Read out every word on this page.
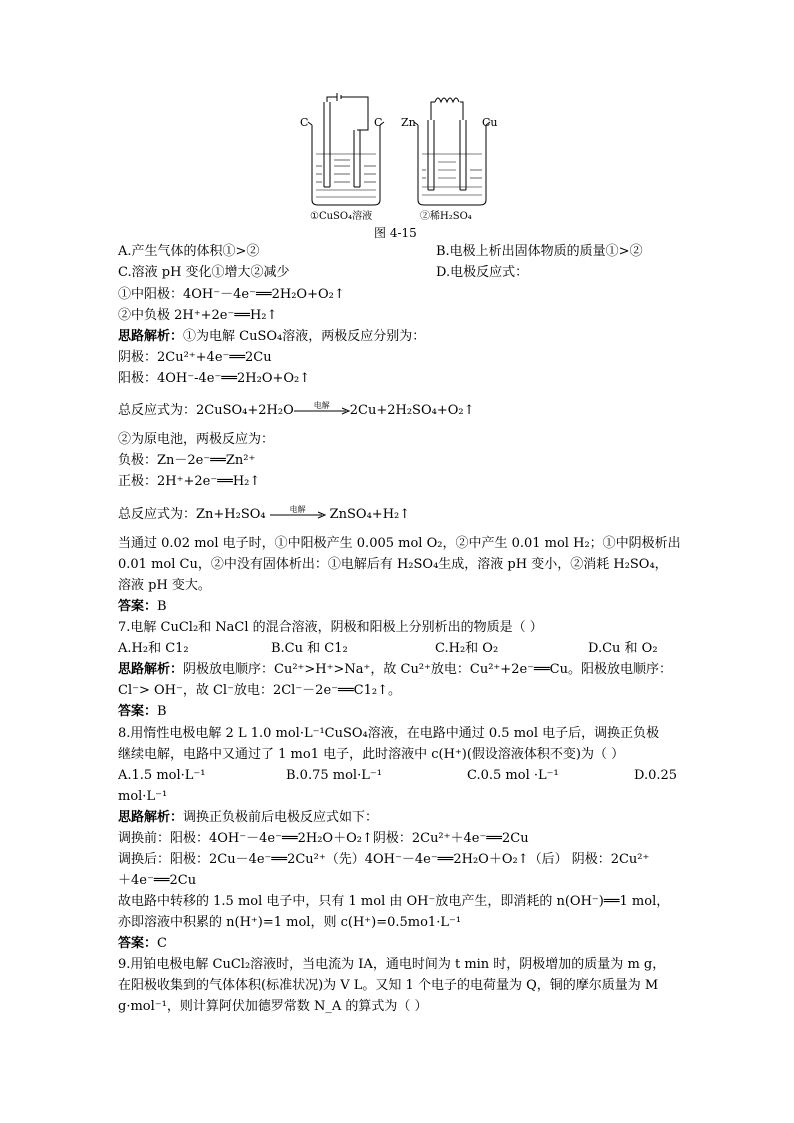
C	C Zn	Cu
①CuSO₄溶液	②稀H₂SO₄
图 4-15
A.产生气体的体积①>②	B.电极上析出固体物质的质量①>②
C.溶液 pH 变化①增大②减少	D.电极反应式：
①中阳极：4OH⁻－4e⁻══2H₂O+O₂↑
②中负极 2H⁺+2e⁻══H₂↑
思路解析：①为电解 CuSO₄溶液，两极反应分别为：
阴极：2Cu²⁺+4e⁻══2Cu
阳极：4OH⁻-4e⁻══2H₂O+O₂↑
总反应式为：2CuSO₄+2H₂O	电解	2Cu+2H₂SO₄+O₂↑
②为原电池，两极反应为：
负极：Zn－2e⁻══Zn²⁺
正极：2H⁺+2e⁻══H₂↑
总反应式为：Zn+H₂SO₄	电解	ZnSO₄+H₂↑
当通过 0.02 mol 电子时，①中阳极产生 0.005 mol O₂，②中产生 0.01 mol H₂；①中阴极析出
0.01 mol Cu，②中没有固体析出：①电解后有 H₂SO₄生成，溶液 pH 变小，②消耗 H₂SO₄，
溶液 pH 变大。
答案：B
7.电解 CuCl₂和 NaCl 的混合溶液，阴极和阳极上分别析出的物质是（ ）
A.H₂和 C1₂	B.Cu 和 C1₂	C.H₂和 O₂	D.Cu 和 O₂
思路解析：阴极放电顺序：Cu²⁺>H⁺>Na⁺，故 Cu²⁺放电：Cu²⁺+2e⁻══Cu。阳极放电顺序：
Cl⁻> OH⁻，故 Cl⁻放电：2Cl⁻－2e⁻══C1₂↑。
答案：B
8.用惰性电极电解 2 L 1.0 mol·L⁻¹CuSO₄溶液，在电路中通过 0.5 mol 电子后，调换正负极
继续电解，电路中又通过了 1 mo1 电子，此时溶液中 c(H⁺)(假设溶液体积不变)为（ ）
A.1.5 mol·L⁻¹	B.0.75 mol·L⁻¹	C.0.5 mol ·L⁻¹	D.0.25
mol·L⁻¹
思路解析：调换正负极前后电极反应式如下：
调换前：阳极：4OH⁻－4e⁻══2H₂O＋O₂↑阴极：2Cu²⁺＋4e⁻══2Cu
调换后：阳极：2Cu－4e⁻══2Cu²⁺（先）4OH⁻－4e⁻══2H₂O＋O₂↑（后） 阴极：2Cu²⁺
＋4e⁻══2Cu
故电路中转移的 1.5 mol 电子中，只有 1 mol 由 OH⁻放电产生，即消耗的 n(OH⁻)══1 mol，
亦即溶液中积累的 n(H⁺)=1 mol，则 c(H⁺)=0.5mo1·L⁻¹
答案：C
9.用铂电极电解 CuCl₂溶液时，当电流为 IA，通电时间为 t min 时，阴极增加的质量为 m g，
在阳极收集到的气体体积(标准状况)为 V L。又知 1 个电子的电荷量为 Q，铜的摩尔质量为 M
g·mol⁻¹，则计算阿伏加德罗常数 N_A 的算式为（ ）
